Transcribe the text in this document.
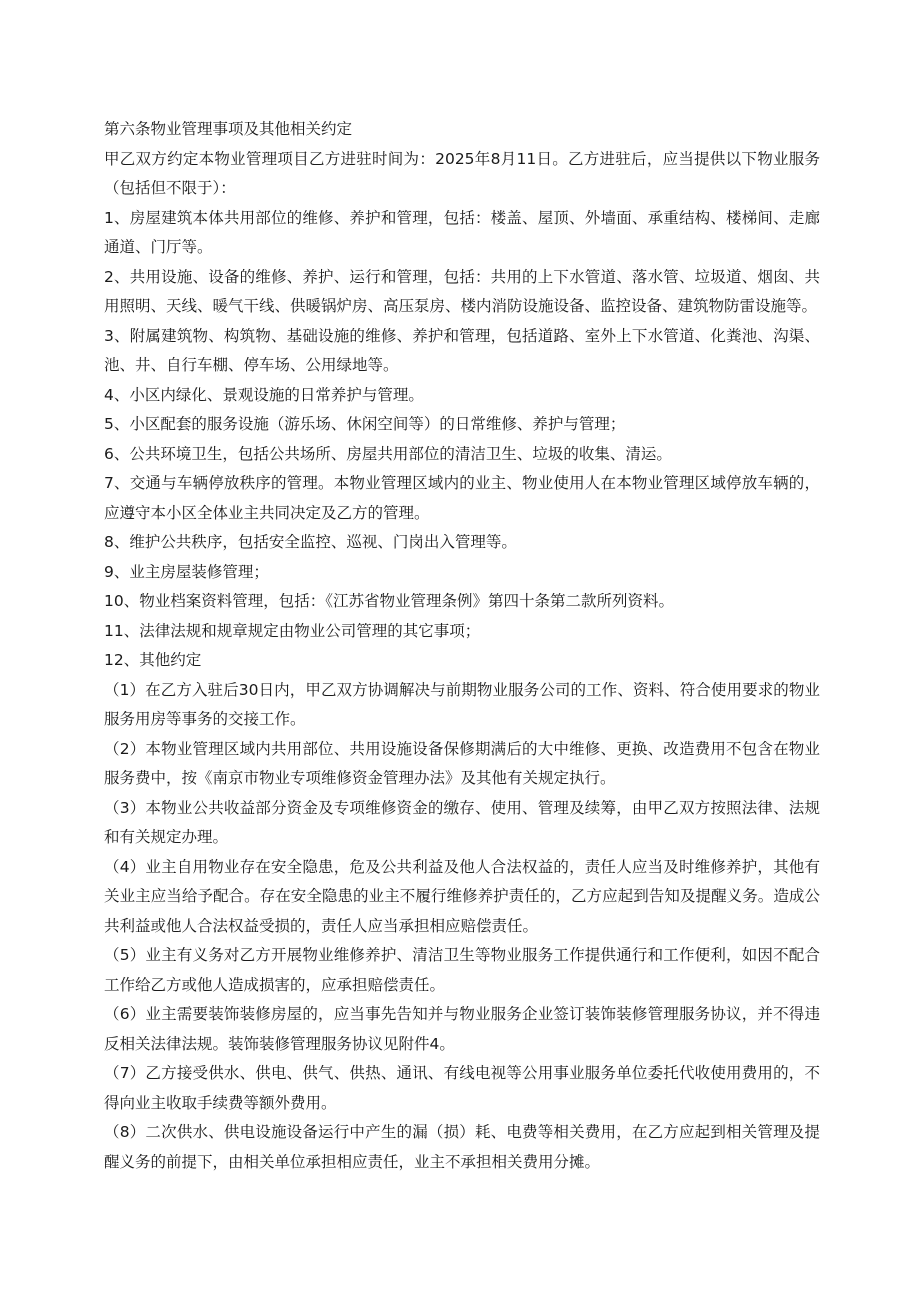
第六条物业管理事项及其他相关约定

甲乙双方约定本物业管理项目乙方进驻时间为：2025年8月11日。乙方进驻后，应当提供以下物业服务（包括但不限于）：

1、房屋建筑本体共用部位的维修、养护和管理，包括：楼盖、屋顶、外墙面、承重结构、楼梯间、走廊通道、门厅等。

2、共用设施、设备的维修、养护、运行和管理，包括：共用的上下水管道、落水管、垃圾道、烟囱、共用照明、天线、暖气干线、供暖锅炉房、高压泵房、楼内消防设施设备、监控设备、建筑物防雷设施等。

3、附属建筑物、构筑物、基础设施的维修、养护和管理，包括道路、室外上下水管道、化粪池、沟渠、池、井、自行车棚、停车场、公用绿地等。

4、小区内绿化、景观设施的日常养护与管理。

5、小区配套的服务设施（游乐场、休闲空间等）的日常维修、养护与管理；

6、公共环境卫生，包括公共场所、房屋共用部位的清洁卫生、垃圾的收集、清运。

7、交通与车辆停放秩序的管理。本物业管理区域内的业主、物业使用人在本物业管理区域停放车辆的，应遵守本小区全体业主共同决定及乙方的管理。

8、维护公共秩序，包括安全监控、巡视、门岗出入管理等。

9、业主房屋装修管理；

10、物业档案资料管理，包括：《江苏省物业管理条例》第四十条第二款所列资料。

11、法律法规和规章规定由物业公司管理的其它事项；

12、其他约定

（1）在乙方入驻后30日内，甲乙双方协调解决与前期物业服务公司的工作、资料、符合使用要求的物业服务用房等事务的交接工作。

（2）本物业管理区域内共用部位、共用设施设备保修期满后的大中维修、更换、改造费用不包含在物业服务费中，按《南京市物业专项维修资金管理办法》及其他有关规定执行。

（3）本物业公共收益部分资金及专项维修资金的缴存、使用、管理及续筹，由甲乙双方按照法律、法规和有关规定办理。

（4）业主自用物业存在安全隐患，危及公共利益及他人合法权益的，责任人应当及时维修养护，其他有关业主应当给予配合。存在安全隐患的业主不履行维修养护责任的，乙方应起到告知及提醒义务。造成公共利益或他人合法权益受损的，责任人应当承担相应赔偿责任。

（5）业主有义务对乙方开展物业维修养护、清洁卫生等物业服务工作提供通行和工作便利，如因不配合工作给乙方或他人造成损害的，应承担赔偿责任。

（6）业主需要装饰装修房屋的，应当事先告知并与物业服务企业签订装饰装修管理服务协议，并不得违反相关法律法规。装饰装修管理服务协议见附件4。

（7）乙方接受供水、供电、供气、供热、通讯、有线电视等公用事业服务单位委托代收使用费用的，不得向业主收取手续费等额外费用。

（8）二次供水、供电设施设备运行中产生的漏（损）耗、电费等相关费用，在乙方应起到相关管理及提醒义务的前提下，由相关单位承担相应责任，业主不承担相关费用分摊。
